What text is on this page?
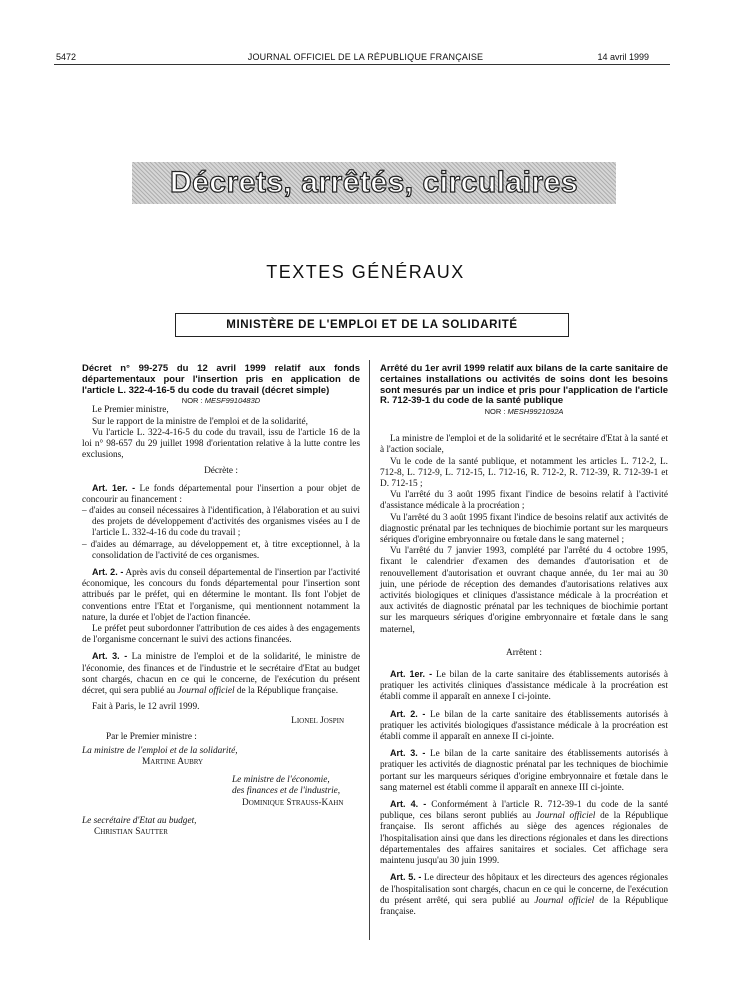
5472	JOURNAL OFFICIEL DE LA RÉPUBLIQUE FRANÇAISE	14 avril 1999
Décrets, arrêtés, circulaires
TEXTES GÉNÉRAUX
MINISTÈRE DE L'EMPLOI ET DE LA SOLIDARITÉ

Décret n° 99-275 du 12 avril 1999 relatif aux fonds départementaux pour l'insertion pris en application de l'article L. 322-4-16-5 du code du travail (décret simple)

NOR : MESF9910483D

Le Premier ministre,

Sur le rapport de la ministre de l'emploi et de la solidarité,

Vu l'article L. 322-4-16-5 du code du travail, issu de l'article 16 de la loi n° 98-657 du 29 juillet 1998 d'orientation relative à la lutte contre les exclusions,

Décrète :

Art. 1er. - Le fonds départemental pour l'insertion a pour objet de concourir au financement :

– d'aides au conseil nécessaires à l'identification, à l'élaboration et au suivi des projets de développement d'activités des organismes visées au I de l'article L. 332-4-16 du code du travail ;

– d'aides au démarrage, au développement et, à titre exceptionnel, à la consolidation de l'activité de ces organismes.

Art. 2. - Après avis du conseil départemental de l'insertion par l'activité économique, les concours du fonds départemental pour l'insertion sont attribués par le préfet, qui en détermine le montant. Ils font l'objet de conventions entre l'Etat et l'organisme, qui mentionnent notamment la nature, la durée et l'objet de l'action financée.

Le préfet peut subordonner l'attribution de ces aides à des engagements de l'organisme concernant le suivi des actions financées.

Art. 3. - La ministre de l'emploi et de la solidarité, le ministre de l'économie, des finances et de l'industrie et le secrétaire d'Etat au budget sont chargés, chacun en ce qui le concerne, de l'exécution du présent décret, qui sera publié au Journal officiel de la République française.

Fait à Paris, le 12 avril 1999.

Lionel Jospin

Par le Premier ministre :

La ministre de l'emploi et de la solidarité,

Martine Aubry

Le ministre de l'économie,

des finances et de l'industrie,

Dominique Strauss-Kahn

Le secrétaire d'Etat au budget,

Christian Sautter

Arrêté du 1er avril 1999 relatif aux bilans de la carte sanitaire de certaines installations ou activités de soins dont les besoins sont mesurés par un indice et pris pour l'application de l'article R. 712-39-1 du code de la santé publique

NOR : MESH9921092A

La ministre de l'emploi et de la solidarité et le secrétaire d'Etat à la santé et à l'action sociale,

Vu le code de la santé publique, et notamment les articles L. 712-2, L. 712-8, L. 712-9, L. 712-15, L. 712-16, R. 712-2, R. 712-39, R. 712-39-1 et D. 712-15 ;

Vu l'arrêté du 3 août 1995 fixant l'indice de besoins relatif à l'activité d'assistance médicale à la procréation ;

Vu l'arrêté du 3 août 1995 fixant l'indice de besoins relatif aux activités de diagnostic prénatal par les techniques de biochimie portant sur les marqueurs sériques d'origine embryonnaire ou fœtale dans le sang maternel ;

Vu l'arrêté du 7 janvier 1993, complété par l'arrêté du 4 octobre 1995, fixant le calendrier d'examen des demandes d'autorisation et de renouvellement d'autorisation et ouvrant chaque année, du 1er mai au 30 juin, une période de réception des demandes d'autorisations relatives aux activités biologiques et cliniques d'assistance médicale à la procréation et aux activités de diagnostic prénatal par les techniques de biochimie portant sur les marqueurs sériques d'origine embryonnaire et fœtale dans le sang maternel,

Arrêtent :

Art. 1er. - Le bilan de la carte sanitaire des établissements autorisés à pratiquer les activités cliniques d'assistance médicale à la procréation est établi comme il apparaît en annexe I ci-jointe.

Art. 2. - Le bilan de la carte sanitaire des établissements autorisés à pratiquer les activités biologiques d'assistance médicale à la procréation est établi comme il apparaît en annexe II ci-jointe.

Art. 3. - Le bilan de la carte sanitaire des établissements autorisés à pratiquer les activités de diagnostic prénatal par les techniques de biochimie portant sur les marqueurs sériques d'origine embryonnaire et fœtale dans le sang maternel est établi comme il apparaît en annexe III ci-jointe.

Art. 4. - Conformément à l'article R. 712-39-1 du code de la santé publique, ces bilans seront publiés au Journal officiel de la République française. Ils seront affichés au siège des agences régionales de l'hospitalisation ainsi que dans les directions régionales et dans les directions départementales des affaires sanitaires et sociales. Cet affichage sera maintenu jusqu'au 30 juin 1999.

Art. 5. - Le directeur des hôpitaux et les directeurs des agences régionales de l'hospitalisation sont chargés, chacun en ce qui le concerne, de l'exécution du présent arrêté, qui sera publié au Journal officiel de la République française.
